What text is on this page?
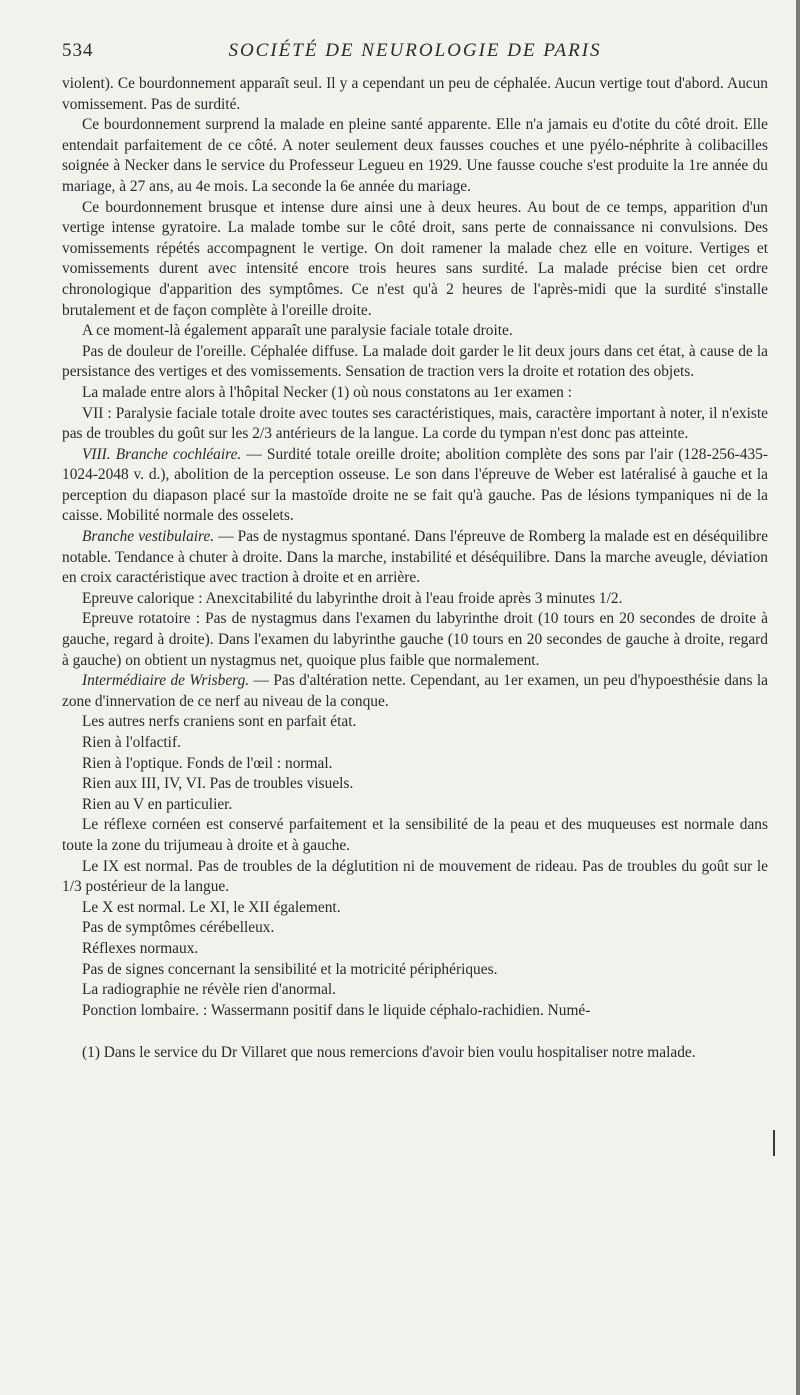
534	SOCIÉTÉ DE NEUROLOGIE DE PARIS

violent). Ce bourdonnement apparaît seul. Il y a cependant un peu de céphalée. Aucun vertige tout d'abord. Aucun vomissement. Pas de surdité.

Ce bourdonnement surprend la malade en pleine santé apparente. Elle n'a jamais eu d'otite du côté droit. Elle entendait parfaitement de ce côté. A noter seulement deux fausses couches et une pyélo-néphrite à colibacilles soignée à Necker dans le service du Professeur Legueu en 1929. Une fausse couche s'est produite la 1re année du mariage, à 27 ans, au 4e mois. La seconde la 6e année du mariage.

Ce bourdonnement brusque et intense dure ainsi une à deux heures. Au bout de ce temps, apparition d'un vertige intense gyratoire. La malade tombe sur le côté droit, sans perte de connaissance ni convulsions. Des vomissements répétés accompagnent le vertige. On doit ramener la malade chez elle en voiture. Vertiges et vomissements durent avec intensité encore trois heures sans surdité. La malade précise bien cet ordre chronologique d'apparition des symptômes. Ce n'est qu'à 2 heures de l'après-midi que la surdité s'installe brutalement et de façon complète à l'oreille droite.

A ce moment-là également apparaît une paralysie faciale totale droite.

Pas de douleur de l'oreille. Céphalée diffuse. La malade doit garder le lit deux jours dans cet état, à cause de la persistance des vertiges et des vomissements. Sensation de traction vers la droite et rotation des objets.

La malade entre alors à l'hôpital Necker (1) où nous constatons au 1er examen :

VII : Paralysie faciale totale droite avec toutes ses caractéristiques, mais, caractère important à noter, il n'existe pas de troubles du goût sur les 2/3 antérieurs de la langue. La corde du tympan n'est donc pas atteinte.

VIII. Branche cochléaire. — Surdité totale oreille droite; abolition complète des sons par l'air (128-256-435-1024-2048 v. d.), abolition de la perception osseuse. Le son dans l'épreuve de Weber est latéralisé à gauche et la perception du diapason placé sur la mastoïde droite ne se fait qu'à gauche. Pas de lésions tympaniques ni de la caisse. Mobilité normale des osselets.

Branche vestibulaire. — Pas de nystagmus spontané. Dans l'épreuve de Romberg la malade est en déséquilibre notable. Tendance à chuter à droite. Dans la marche, instabilité et déséquilibre. Dans la marche aveugle, déviation en croix caractéristique avec traction à droite et en arrière.

Epreuve calorique : Anexcitabilité du labyrinthe droit à l'eau froide après 3 minutes 1/2.

Epreuve rotatoire : Pas de nystagmus dans l'examen du labyrinthe droit (10 tours en 20 secondes de droite à gauche, regard à droite). Dans l'examen du labyrinthe gauche (10 tours en 20 secondes de gauche à droite, regard à gauche) on obtient un nystagmus net, quoique plus faible que normalement.

Intermédiaire de Wrisberg. — Pas d'altération nette. Cependant, au 1er examen, un peu d'hypoesthésie dans la zone d'innervation de ce nerf au niveau de la conque.

Les autres nerfs craniens sont en parfait état.

Rien à l'olfactif.

Rien à l'optique. Fonds de l'œil : normal.

Rien aux III, IV, VI. Pas de troubles visuels.

Rien au V en particulier.

Le réflexe cornéen est conservé parfaitement et la sensibilité de la peau et des muqueuses est normale dans toute la zone du trijumeau à droite et à gauche.

Le IX est normal. Pas de troubles de la déglutition ni de mouvement de rideau. Pas de troubles du goût sur le 1/3 postérieur de la langue.

Le X est normal. Le XI, le XII également.

Pas de symptômes cérébelleux.

Réflexes normaux.

Pas de signes concernant la sensibilité et la motricité périphériques.

La radiographie ne révèle rien d'anormal.

Ponction lombaire. : Wassermann positif dans le liquide céphalo-rachidien. Numé-

(1) Dans le service du Dr Villaret que nous remercions d'avoir bien voulu hospitaliser notre malade.
